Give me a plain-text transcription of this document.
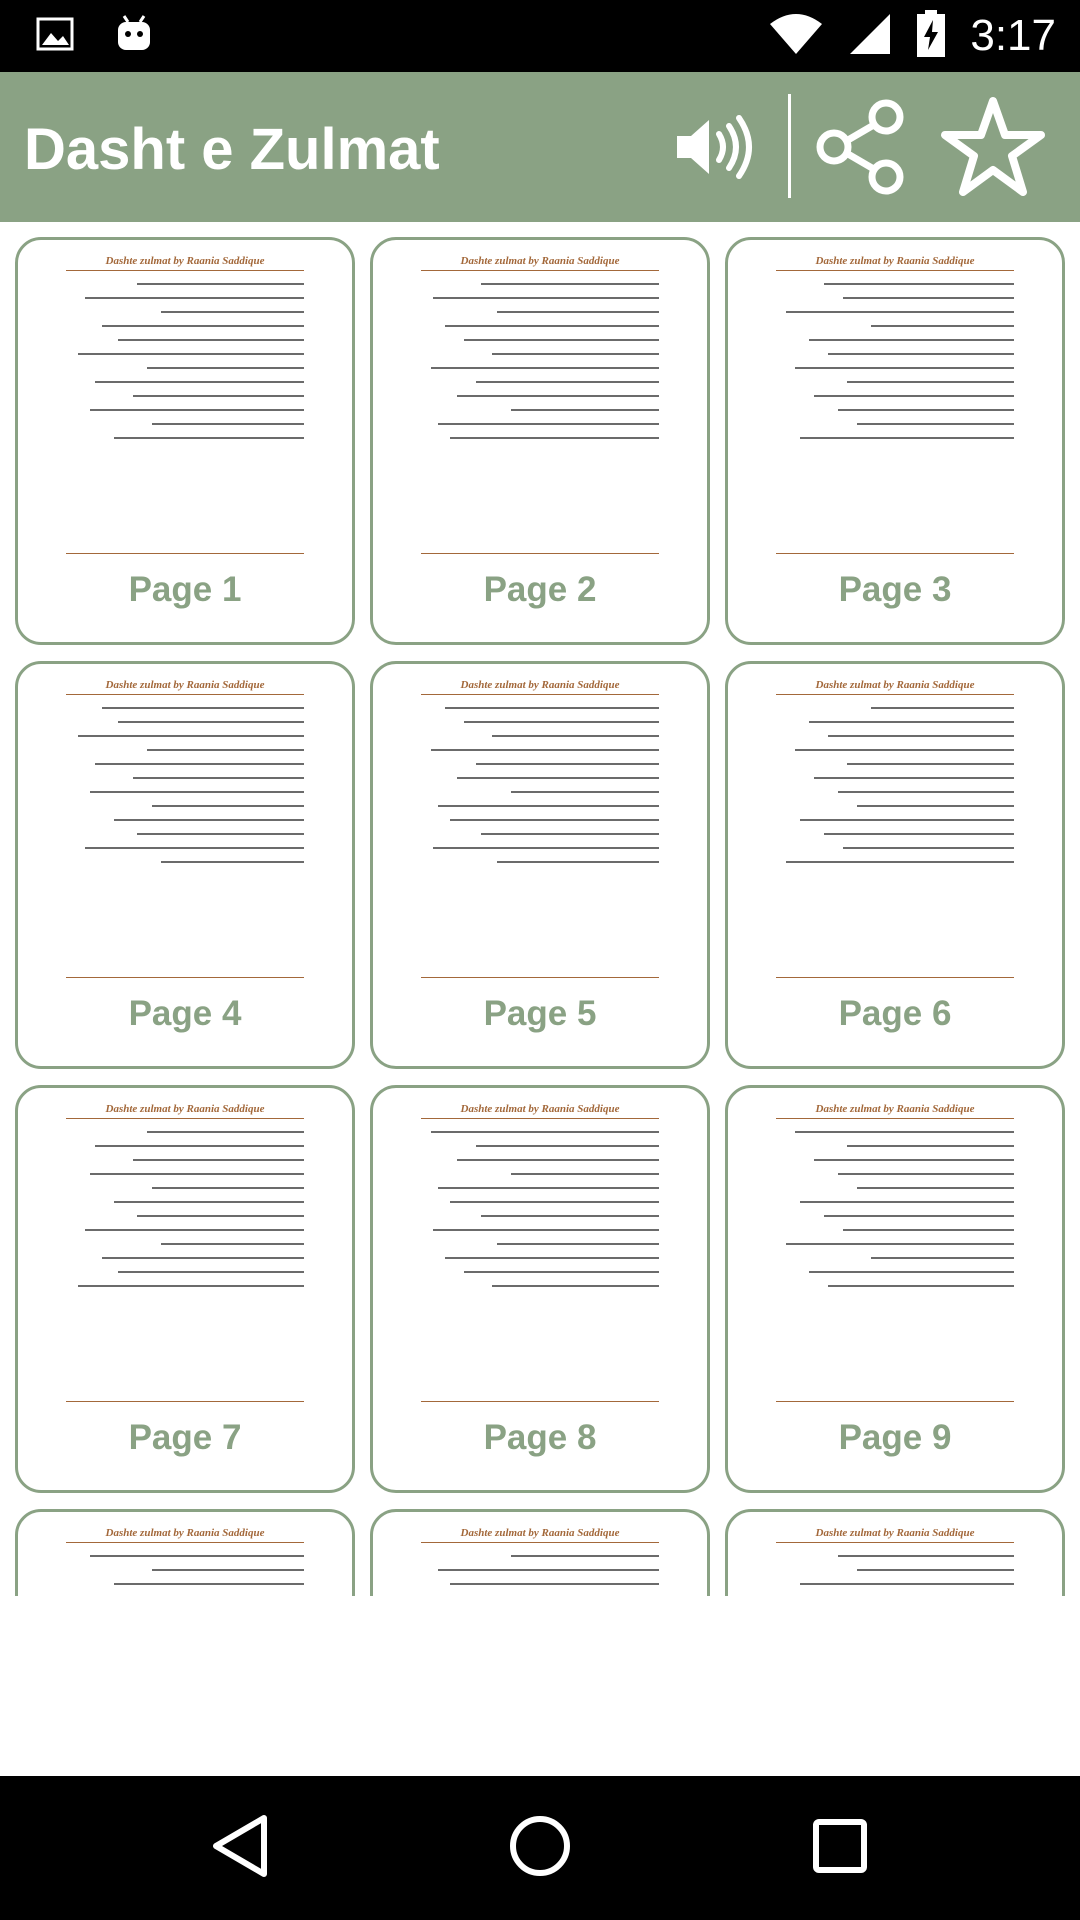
3:17
Dasht e Zulmat
Dashte zulmat by Raania Saddique
Page 1
Dashte zulmat by Raania Saddique
Page 2
Dashte zulmat by Raania Saddique
Page 3
Dashte zulmat by Raania Saddique
Page 4
Dashte zulmat by Raania Saddique
Page 5
Dashte zulmat by Raania Saddique
Page 6
Dashte zulmat by Raania Saddique
Page 7
Dashte zulmat by Raania Saddique
Page 8
Dashte zulmat by Raania Saddique
Page 9
Dashte zulmat by Raania Saddique	Dashte zulmat by Raania Saddique	Dashte zulmat by Raania Saddique
